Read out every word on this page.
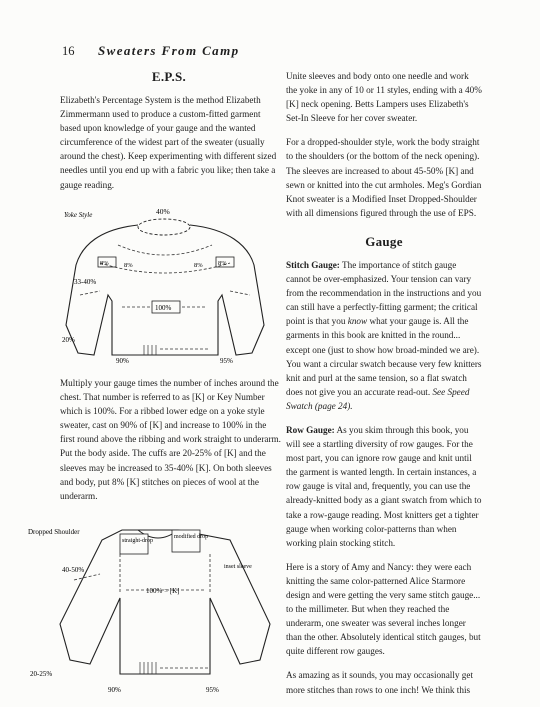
16 Sweaters From Camp
E.P.S.

Elizabeth's Percentage System is the method Elizabeth Zimmermann used to produce a custom-fitted garment based upon knowledge of your gauge and the wanted circumference of the widest part of the sweater (usually around the chest). Keep experimenting with different sized needles until you end up with a fabric you like; then take a gauge reading.

Yoke Style	40%
8% 8%	8% 8%
33-40%
100%
20%
90%	95%

Multiply your gauge times the number of inches around the chest. That number is referred to as [K] or Key Number which is 100%. For a ribbed lower edge on a yoke style sweater, cast on 90% of [K] and increase to 100% in the first round above the ribbing and work straight to underarm. Put the body aside. The cuffs are 20-25% of [K] and the sleeves may be increased to 35-40% [K]. On both sleeves and body, put 8% [K] stitches on pieces of wool at the underarm.

Dropped Shoulder
straight-drop
modified drop
inset sleeve
40-50%
100% = [K]
20-25%
90%	95%

Unite sleeves and body onto one needle and work the yoke in any of 10 or 11 styles, ending with a 40% [K] neck opening. Betts Lampers uses Elizabeth's Set-In Sleeve for her cover sweater.

For a dropped-shoulder style, work the body straight to the shoulders (or the bottom of the neck opening). The sleeves are increased to about 45-50% [K] and sewn or knitted into the cut armholes. Meg's Gordian Knot sweater is a Modified Inset Dropped-Shoulder with all dimensions figured through the use of EPS.

Gauge

Stitch Gauge: The importance of stitch gauge cannot be over-emphasized. Your tension can vary from the recommendation in the instructions and you can still have a perfectly-fitting garment; the critical point is that you know what your gauge is. All the garments in this book are knitted in the round... except one (just to show how broad-minded we are). You want a circular swatch because very few knitters knit and purl at the same tension, so a flat swatch does not give you an accurate read-out. See Speed Swatch (page 24).

Row Gauge: As you skim through this book, you will see a startling diversity of row gauges. For the most part, you can ignore row gauge and knit until the garment is wanted length. In certain instances, a row gauge is vital and, frequently, you can use the already-knitted body as a giant swatch from which to take a row-gauge reading. Most knitters get a tighter gauge when working color-patterns than when working plain stocking stitch.

Here is a story of Amy and Nancy: they were each knitting the same color-patterned Alice Starmore design and were getting the very same stitch gauge... to the millimeter. But when they reached the underarm, one sweater was several inches longer than the other. Absolutely identical stitch gauges, but quite different row gauges.

As amazing as it sounds, you may occasionally get more stitches than rows to one inch! We think this
